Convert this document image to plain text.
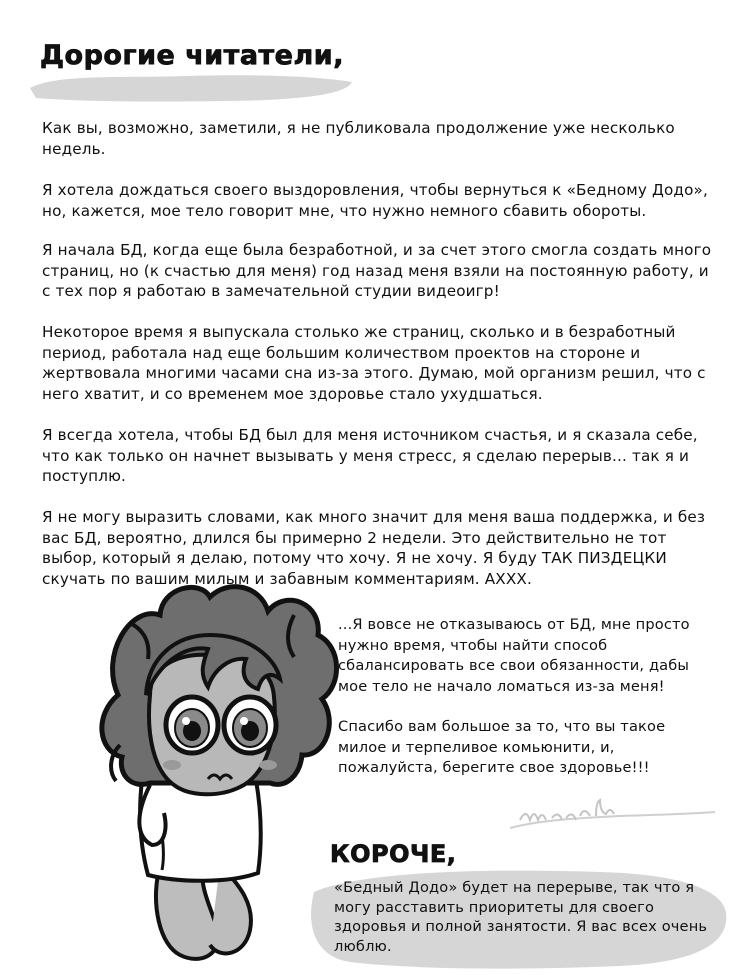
Дорогие читатели,

Как вы, возможно, заметили, я не публиковала продолжение уже несколько недель.

Я хотела дождаться своего выздоровления, чтобы вернуться к «Бедному Додо», но, кажется, мое тело говорит мне, что нужно немного сбавить обороты.

Я начала БД, когда еще была безработной, и за счет этого смогла создать много страниц, но (к счастью для меня) год назад меня взяли на постоянную работу, и с тех пор я работаю в замечательной студии видеоигр!

Некоторое время я выпускала столько же страниц, сколько и в безработный период, работала над еще большим количеством проектов на стороне и жертвовала многими часами сна из-за этого. Думаю, мой организм решил, что с него хватит, и со временем мое здоровье стало ухудшаться.

Я всегда хотела, чтобы БД был для меня источником счастья, и я сказала себе, что как только он начнет вызывать у меня стресс, я сделаю перерыв... так я и поступлю.

Я не могу выразить словами, как много значит для меня ваша поддержка, и без вас БД, вероятно, длился бы примерно 2 недели. Это действительно не тот выбор, который я делаю, потому что хочу. Я не хочу. Я буду ТАК ПИЗДЕЦКИ скучать по вашим милым и забавным комментариям. АХХХ.

...Я вовсе не отказываюсь от БД, мне просто нужно время, чтобы найти способ сбалансировать все свои обязанности, дабы мое тело не начало ломаться из-за меня!

Спасибо вам большое за то, что вы такое милое и терпеливое комьюнити, и, пожалуйста, берегите свое здоровье!!!

КОРОЧЕ,

«Бедный Додо» будет на перерыве, так что я могу расставить приоритеты для своего здоровья и полной занятости. Я вас всех очень люблю.
